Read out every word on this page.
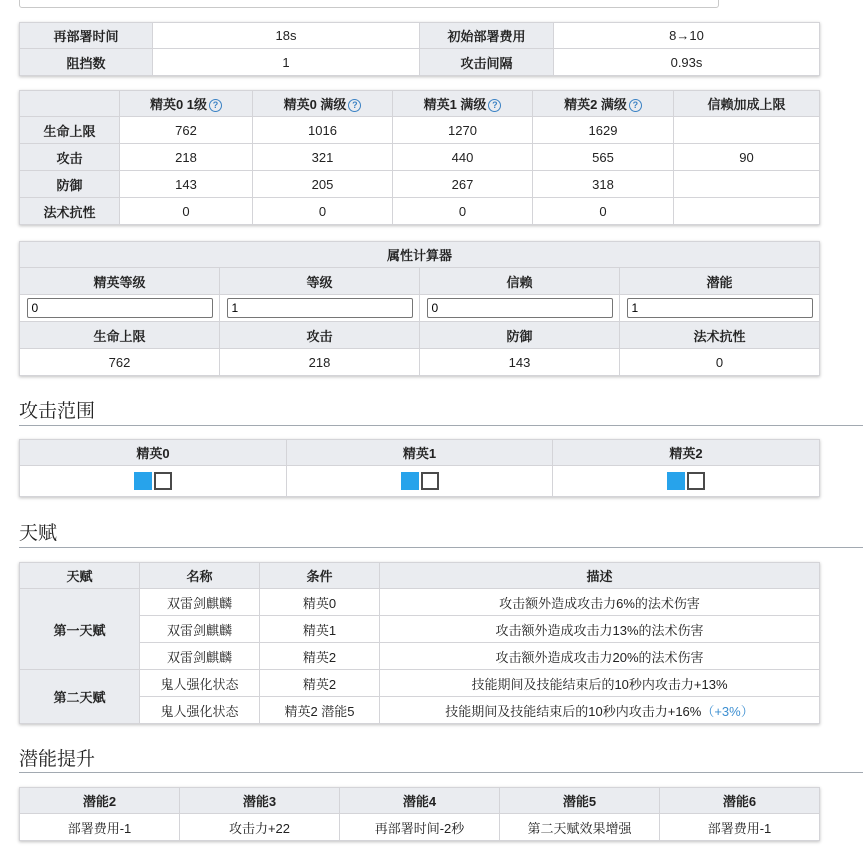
再部署时间	18s	初始部署费用	8→10
阻挡数	1	攻击间隔	0.93s
	精英0 1级 ?	精英0 满级 ?	精英1 满级 ?	精英2 满级 ?	信赖加成上限
生命上限	762	1016	1270	1629	
攻击	218	321	440	565	90
防御	143	205	267	318	
法术抗性	0	0	0	0	
属性计算器			
精英等级	等级	信赖	潜能
0	1	0	1
生命上限	攻击	防御	法术抗性
762	218	143	0
攻击范围
精英0	精英1	精英2

天赋
天赋	名称	条件	描述
第一天赋	双雷剑麒麟	精英0	攻击额外造成攻击力6%的法术伤害
	双雷剑麒麟	精英1	攻击额外造成攻击力13%的法术伤害
	双雷剑麒麟	精英2	攻击额外造成攻击力20%的法术伤害
第二天赋	鬼人强化状态	精英2	技能期间及技能结束后的10秒内攻击力+13%
	鬼人强化状态	精英2 潜能5	技能期间及技能结束后的10秒内攻击力+16%（+3%）
潜能提升
潜能2	潜能3	潜能4	潜能5	潜能6
部署费用-1	攻击力+22	再部署时间-2秒	第二天赋效果增强	部署费用-1
